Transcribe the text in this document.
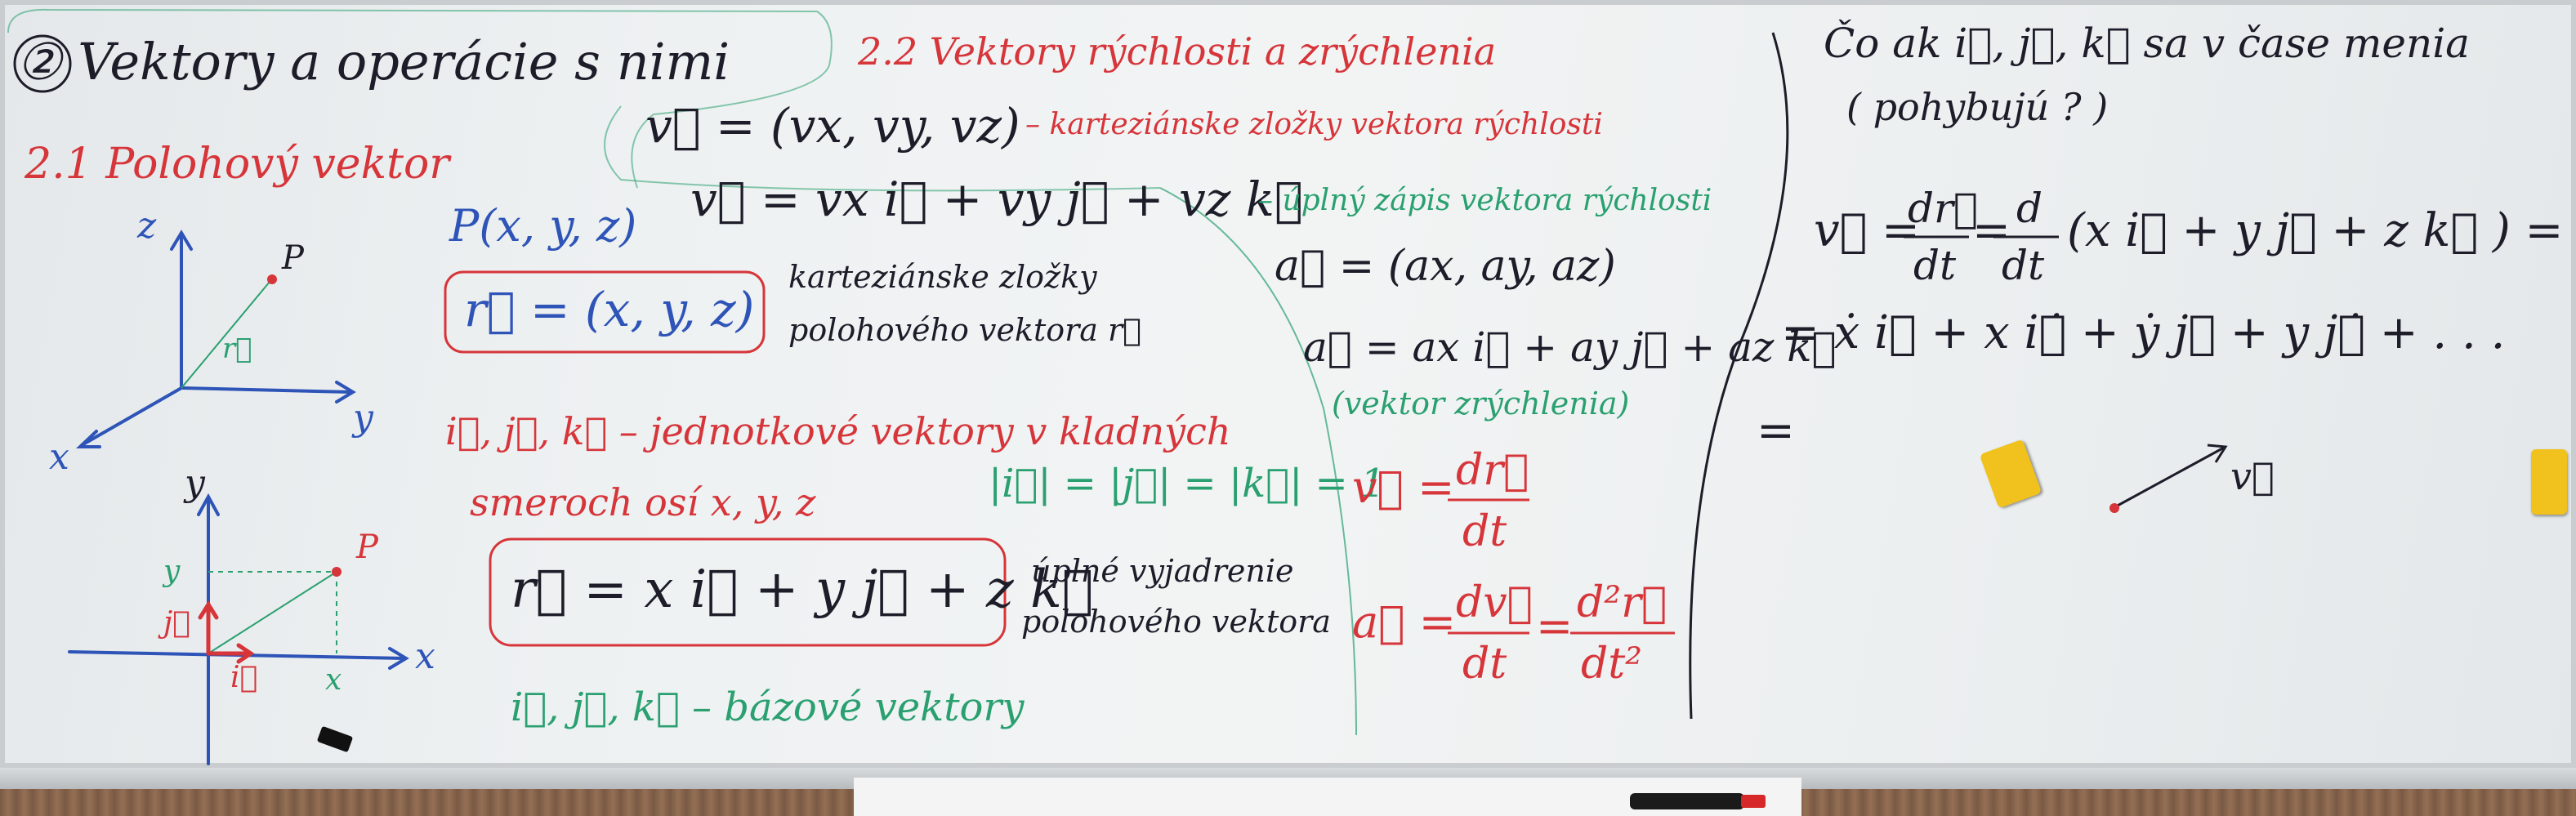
② Vektory a operácie s nimi
2.1 Polohový vektor
2.2 Vektory rýchlosti a zrýchlenia
z
y
x
P
r⃗
y
x
P
y
x
j⃗
i⃗
P(x, y, z)
r⃗ = (x, y, z)
karteziánske zložky
polohového vektora r⃗
i⃗, j⃗, k⃗ – jednotkové vektory v kladných
smeroch osí x, y, z	|i⃗| = |j⃗| = |k⃗| = 1
r⃗ = x i⃗ + y j⃗ + z k⃗
úplné vyjadrenie
polohového vektora
i⃗, j⃗, k⃗ – bázové vektory
v⃗ = (vx, vy, vz) – karteziánske zložky vektora rýchlosti
v⃗ = vx i⃗ + vy j⃗ + vz k⃗
– úplný zápis vektora rýchlosti
a⃗ = (ax, ay, az)
a⃗ = ax i⃗ + ay j⃗ + az k⃗
(vektor zrýchlenia)
v⃗ = dr⃗
dt
a⃗ = dv⃗
dt
= d²r⃗
dt²
Čo ak i⃗, j⃗, k⃗ sa v čase menia
( pohybujú ? )
v⃗ =
dr⃗
dt
= d
dt
(x i⃗ + y j⃗ + z k⃗ ) =
= ẋ i⃗ + x i⃗̇ + ẏ j⃗ + y j⃗̇ + . . .
=
v⃗
